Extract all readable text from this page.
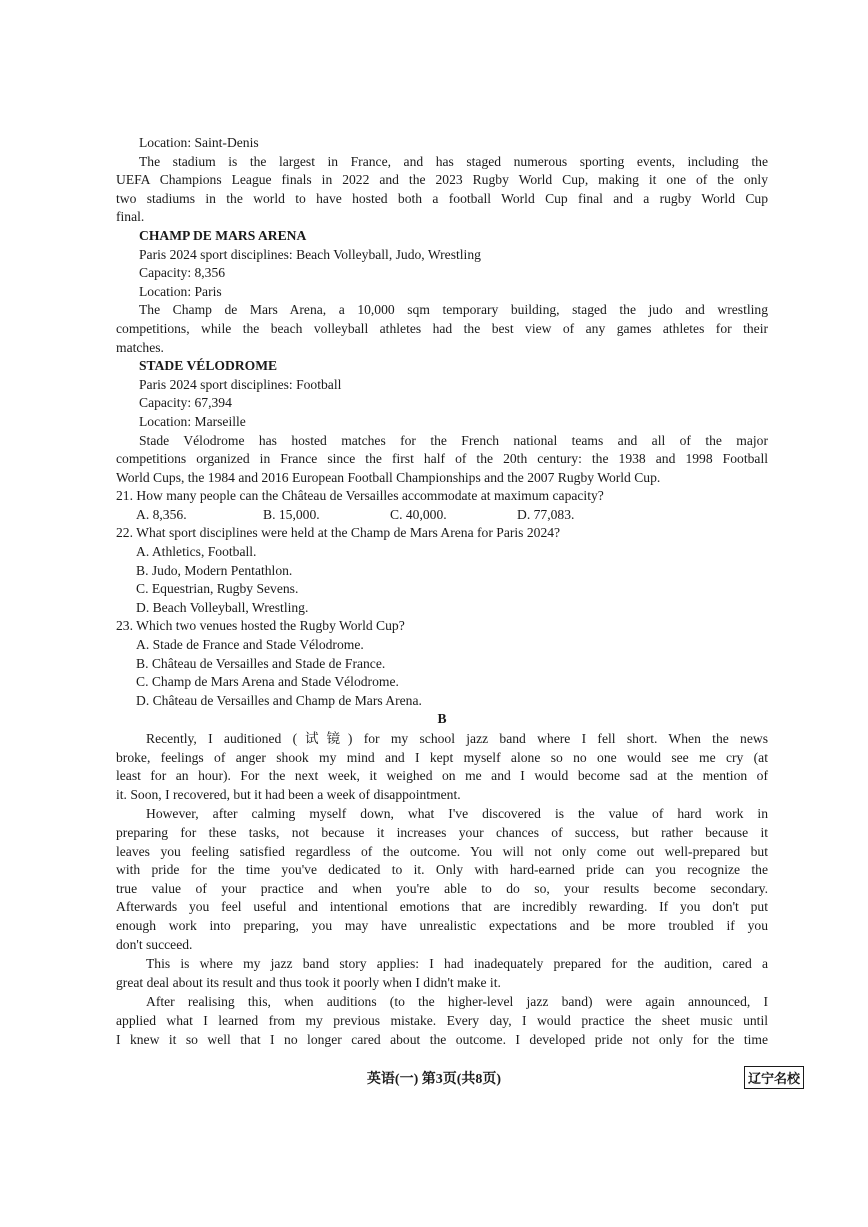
Location: Saint-Denis
The stadium is the largest in France, and has staged numerous sporting events, including the
UEFA Champions League finals in 2022 and the 2023 Rugby World Cup, making it one of the only
two stadiums in the world to have hosted both a football World Cup final and a rugby World Cup
final.
CHAMP DE MARS ARENA
Paris 2024 sport disciplines: Beach Volleyball, Judo, Wrestling
Capacity: 8,356
Location: Paris
The Champ de Mars Arena, a 10,000 sqm temporary building, staged the judo and wrestling
competitions, while the beach volleyball athletes had the best view of any games athletes for their
matches.
STADE VÉLODROME
Paris 2024 sport disciplines: Football
Capacity: 67,394
Location: Marseille
Stade Vélodrome has hosted matches for the French national teams and all of the major
competitions organized in France since the first half of the 20th century: the 1938 and 1998 Football
World Cups, the 1984 and 2016 European Football Championships and the 2007 Rugby World Cup.
21. How many people can the Château de Versailles accommodate at maximum capacity?
A. 8,356.	B. 15,000.	C. 40,000.	D. 77,083.
22. What sport disciplines were held at the Champ de Mars Arena for Paris 2024?
A. Athletics, Football.
B. Judo, Modern Pentathlon.
C. Equestrian, Rugby Sevens.
D. Beach Volleyball, Wrestling.
23. Which two venues hosted the Rugby World Cup?
A. Stade de France and Stade Vélodrome.
B. Château de Versailles and Stade de France.
C. Champ de Mars Arena and Stade Vélodrome.
D. Château de Versailles and Champ de Mars Arena.
B
Recently, I auditioned (试镜) for my school jazz band where I fell short. When the news
broke, feelings of anger shook my mind and I kept myself alone so no one would see me cry (at
least for an hour). For the next week, it weighed on me and I would become sad at the mention of
it. Soon, I recovered, but it had been a week of disappointment.
However, after calming myself down, what I've discovered is the value of hard work in
preparing for these tasks, not because it increases your chances of success, but rather because it
leaves you feeling satisfied regardless of the outcome. You will not only come out well-prepared but
with pride for the time you've dedicated to it. Only with hard-earned pride can you recognize the
true value of your practice and when you're able to do so, your results become secondary.
Afterwards you feel useful and intentional emotions that are incredibly rewarding. If you don't put
enough work into preparing, you may have unrealistic expectations and be more troubled if you
don't succeed.
This is where my jazz band story applies: I had inadequately prepared for the audition, cared a
great deal about its result and thus took it poorly when I didn't make it.
After realising this, when auditions (to the higher-level jazz band) were again announced, I
applied what I learned from my previous mistake. Every day, I would practice the sheet music until
I knew it so well that I no longer cared about the outcome. I developed pride not only for the time
英语(一) 第3页(共8页)	辽宁名校
